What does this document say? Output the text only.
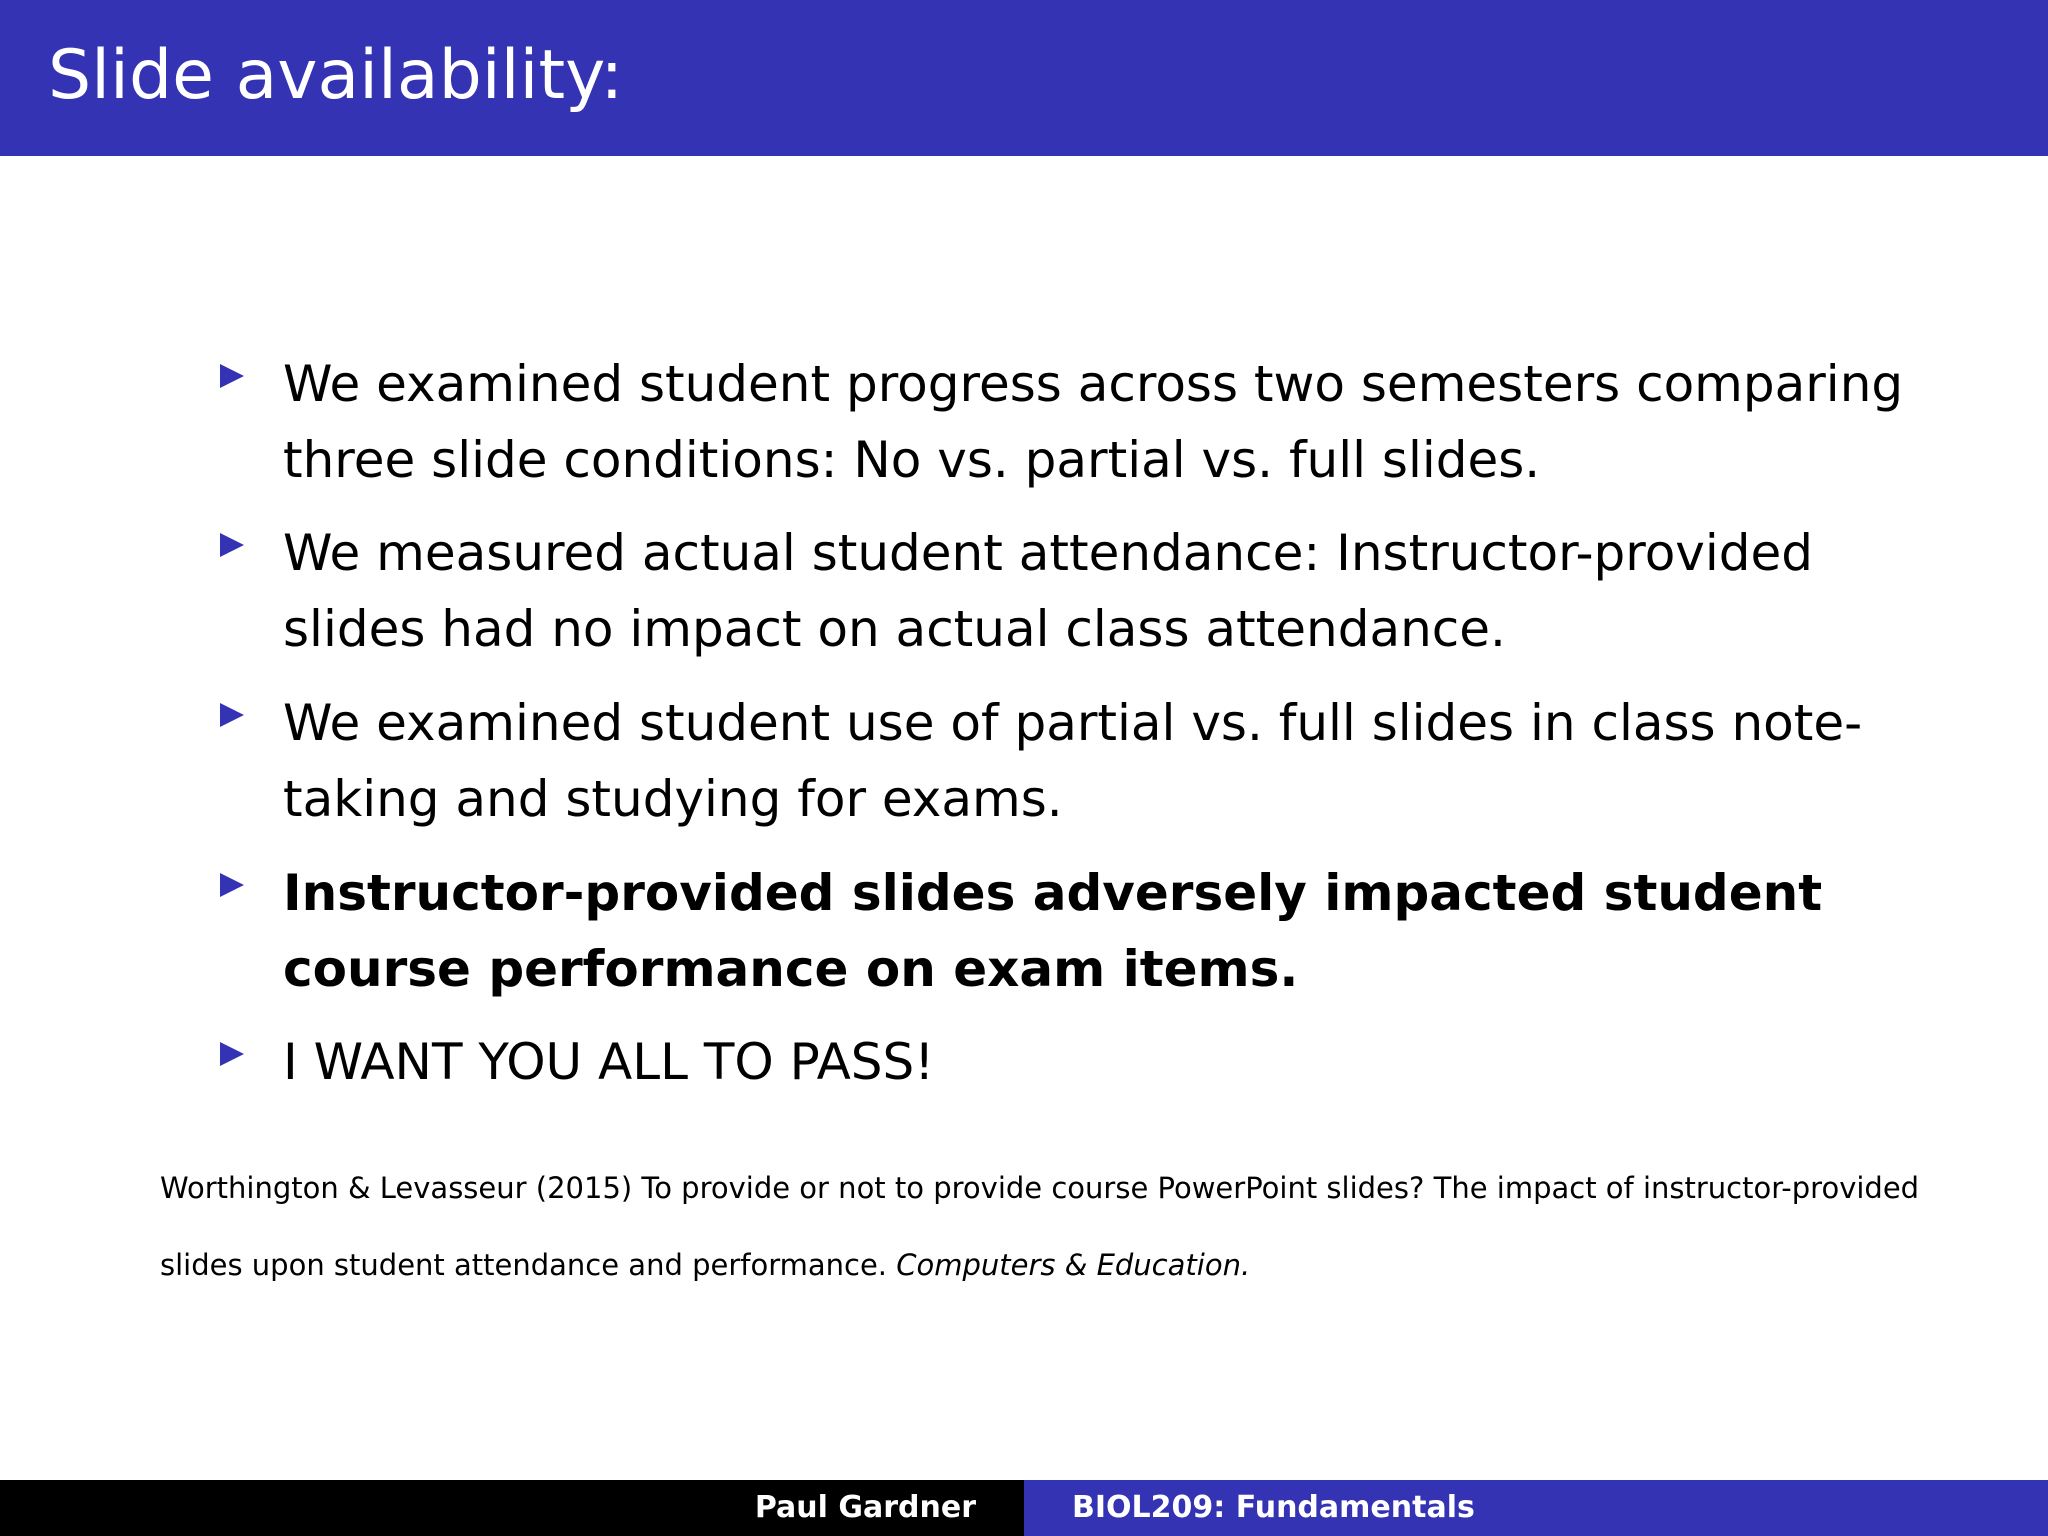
Slide availability:
We examined student progress across two semesters comparing three slide conditions: No vs. partial vs. full slides.
We measured actual student attendance: Instructor-provided slides had no impact on actual class attendance.
We examined student use of partial vs. full slides in class note-taking and studying for exams.
Instructor-provided slides adversely impacted student course performance on exam items.
I WANT YOU ALL TO PASS!

Worthington & Levasseur (2015) To provide or not to provide course PowerPoint slides? The impact of instructor-provided slides upon student attendance and performance. Computers & Education.

Paul Gardner	BIOL209: Fundamentals
